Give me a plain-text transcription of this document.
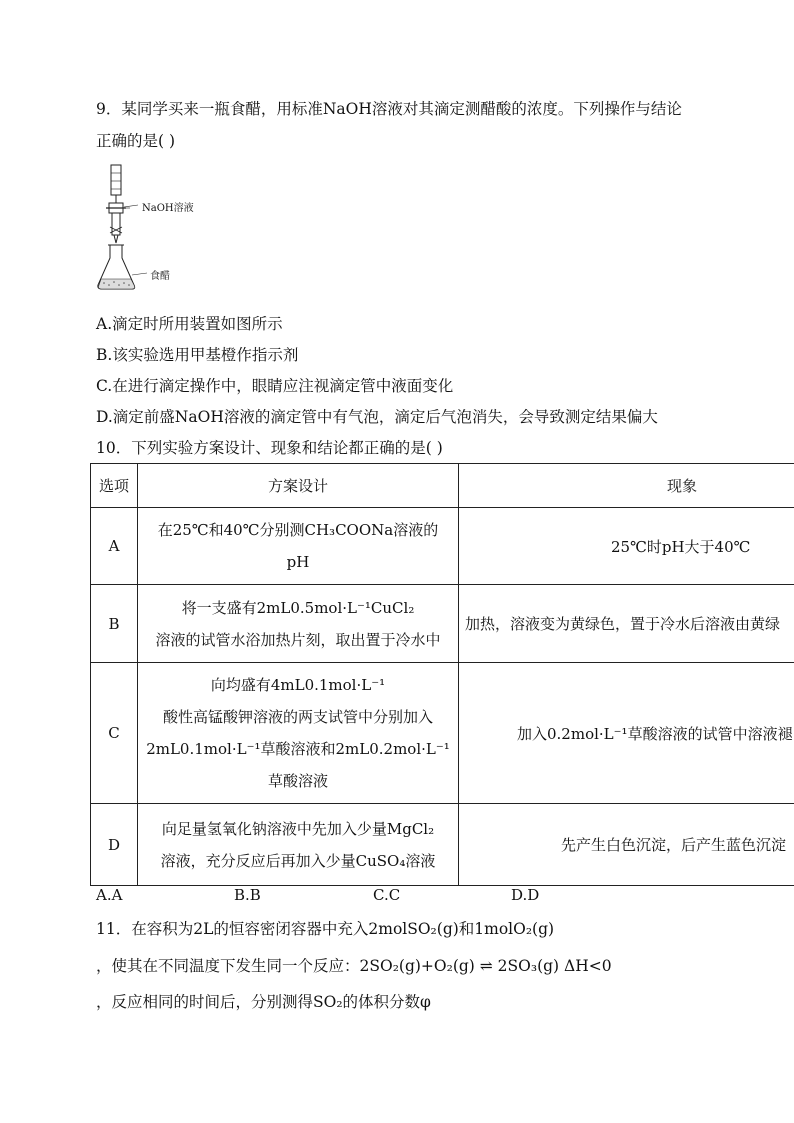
9．某同学买来一瓶食醋，用标准NaOH溶液对其滴定测醋酸的浓度。下列操作与结论
正确的是( )
NaOH溶液
食醋
A.滴定时所用装置如图所示
B.该实验选用甲基橙作指示剂
C.在进行滴定操作中，眼睛应注视滴定管中液面变化
D.滴定前盛NaOH溶液的滴定管中有气泡，滴定后气泡消失，会导致测定结果偏大
10．下列实验方案设计、现象和结论都正确的是( )
选项	方案设计	现象
A	在25℃和40℃分别测CH₃COONa溶液的
pH	25℃时pH大于40℃
B	将一支盛有2mL0.5mol·L⁻¹CuCl₂
溶液的试管水浴加热片刻，取出置于冷水中	加热，溶液变为黄绿色，置于冷水后溶液由黄绿
C	向均盛有4mL0.1mol·L⁻¹
酸性高锰酸钾溶液的两支试管中分别加入
2mL0.1mol·L⁻¹草酸溶液和2mL0.2mol·L⁻¹
草酸溶液	加入0.2mol·L⁻¹草酸溶液的试管中溶液褪
D	向足量氢氧化钠溶液中先加入少量MgCl₂
溶液，充分反应后再加入少量CuSO₄溶液	先产生白色沉淀，后产生蓝色沉淀
A.A	B.B	C.C	D.D
11．在容积为2L的恒容密闭容器中充入2molSO₂(g)和1molO₂(g)
，使其在不同温度下发生同一个反应：2SO₂(g)+O₂(g) ⇌ 2SO₃(g) ΔH<0
，反应相同的时间后，分别测得SO₂的体积分数φ
